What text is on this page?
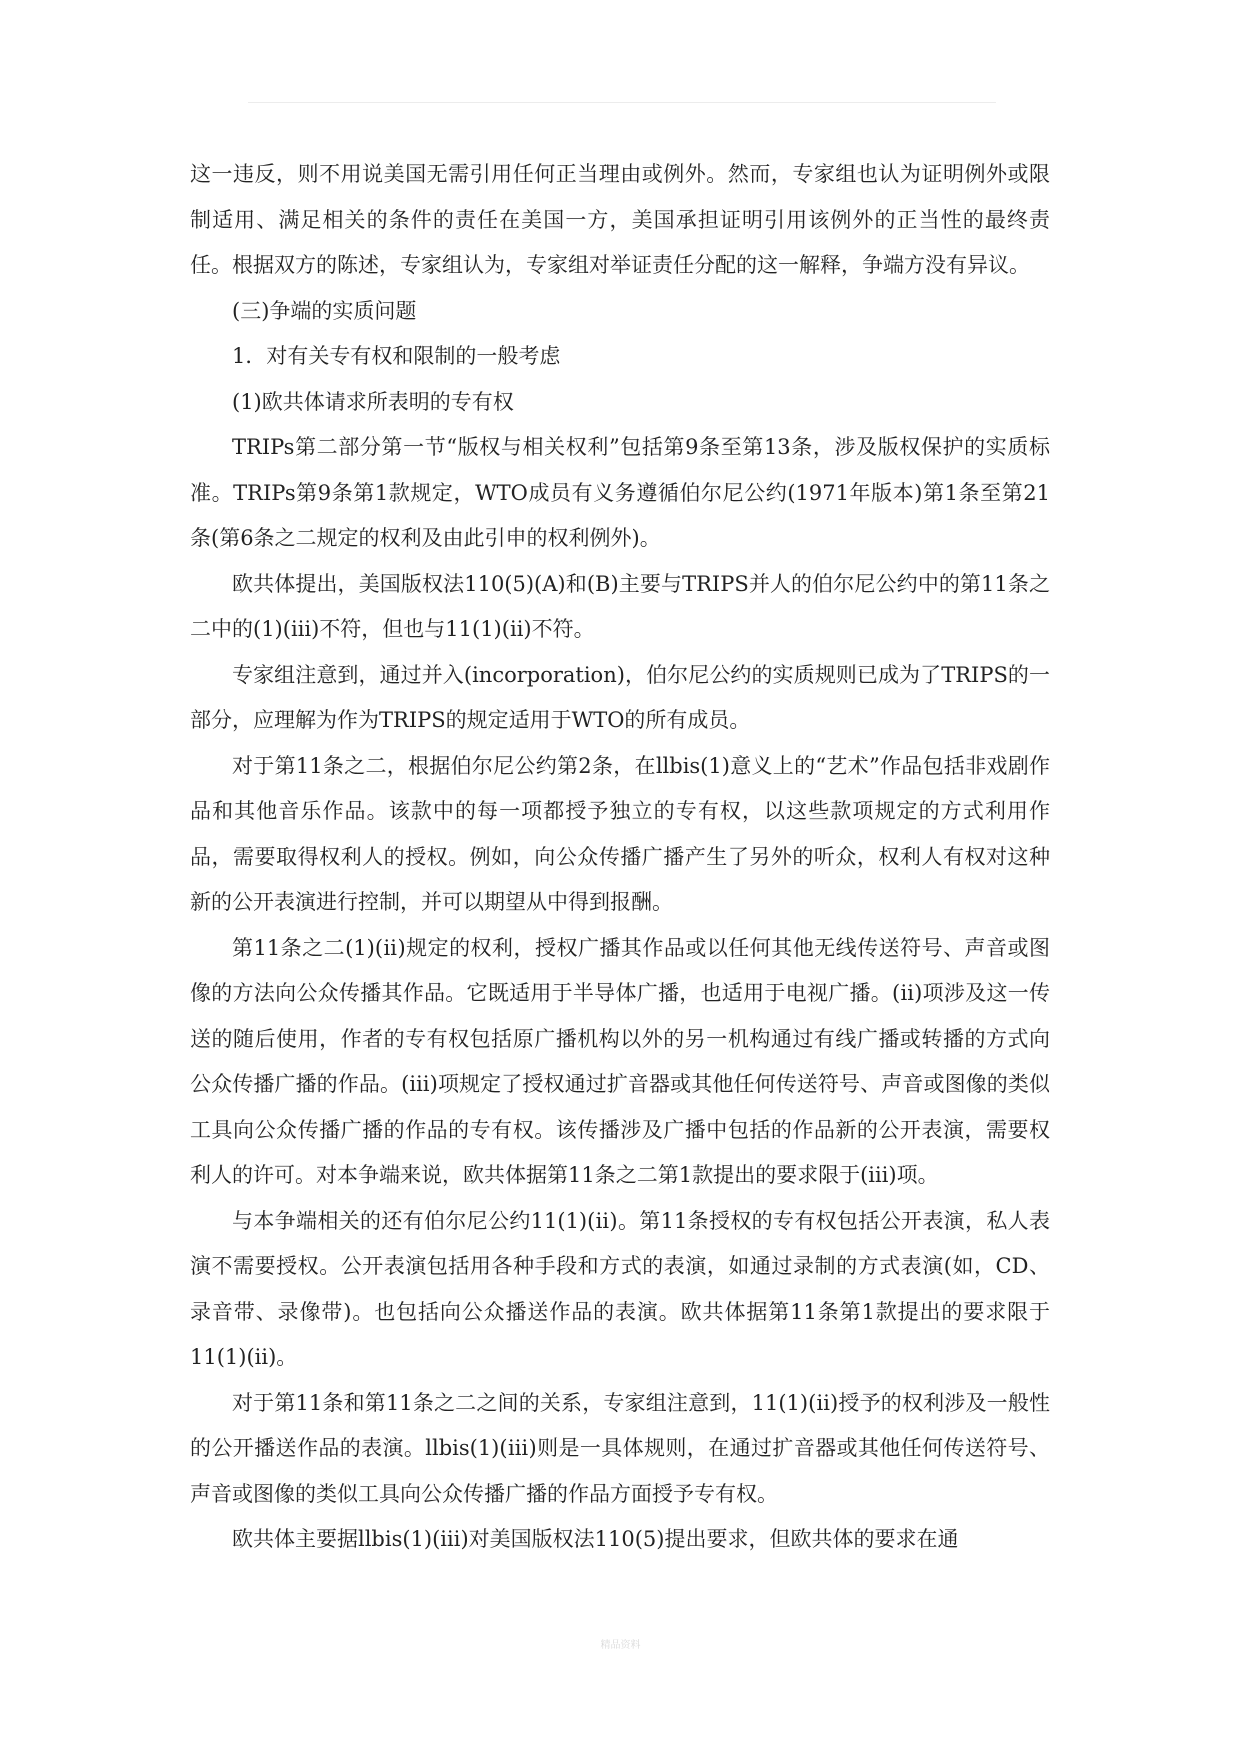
这一违反，则不用说美国无需引用任何正当理由或例外。然而，专家组也认为证明例外或限制适用、满足相关的条件的责任在美国一方，美国承担证明引用该例外的正当性的最终责任。根据双方的陈述，专家组认为，专家组对举证责任分配的这一解释，争端方没有异议。

(三)争端的实质问题

1．对有关专有权和限制的一般考虑

(1)欧共体请求所表明的专有权

TRIPs第二部分第一节“版权与相关权利”包括第9条至第13条，涉及版权保护的实质标准。TRIPs第9条第1款规定，WTO成员有义务遵循伯尔尼公约(1971年版本)第1条至第21条(第6条之二规定的权利及由此引申的权利例外)。

欧共体提出，美国版权法110(5)(A)和(B)主要与TRIPS并人的伯尔尼公约中的第11条之二中的(1)(ⅲ)不符，但也与11(1)(ⅱ)不符。

专家组注意到，通过并入(incorporation)，伯尔尼公约的实质规则已成为了TRIPS的一部分，应理解为作为TRIPS的规定适用于WTO的所有成员。

对于第11条之二，根据伯尔尼公约第2条，在llbis(1)意义上的“艺术”作品包括非戏剧作品和其他音乐作品。该款中的每一项都授予独立的专有权，以这些款项规定的方式利用作品，需要取得权利人的授权。例如，向公众传播广播产生了另外的听众，权利人有权对这种新的公开表演进行控制，并可以期望从中得到报酬。

第11条之二(1)(ⅱ)规定的权利，授权广播其作品或以任何其他无线传送符号、声音或图像的方法向公众传播其作品。它既适用于半导体广播，也适用于电视广播。(ⅱ)项涉及这一传送的随后使用，作者的专有权包括原广播机构以外的另一机构通过有线广播或转播的方式向公众传播广播的作品。(ⅲ)项规定了授权通过扩音器或其他任何传送符号、声音或图像的类似工具向公众传播广播的作品的专有权。该传播涉及广播中包括的作品新的公开表演，需要权利人的许可。对本争端来说，欧共体据第11条之二第1款提出的要求限于(ⅲ)项。

与本争端相关的还有伯尔尼公约11(1)(ⅱ)。第11条授权的专有权包括公开表演，私人表演不需要授权。公开表演包括用各种手段和方式的表演，如通过录制的方式表演(如，CD、录音带、录像带)。也包括向公众播送作品的表演。欧共体据第11条第1款提出的要求限于11(1)(ⅱ)。

对于第11条和第11条之二之间的关系，专家组注意到，11(1)(ⅱ)授予的权利涉及一般性的公开播送作品的表演。llbis(1)(ⅲ)则是一具体规则，在通过扩音器或其他任何传送符号、声音或图像的类似工具向公众传播广播的作品方面授予专有权。

欧共体主要据llbis(1)(ⅲ)对美国版权法110(5)提出要求，但欧共体的要求在通

精品资料
